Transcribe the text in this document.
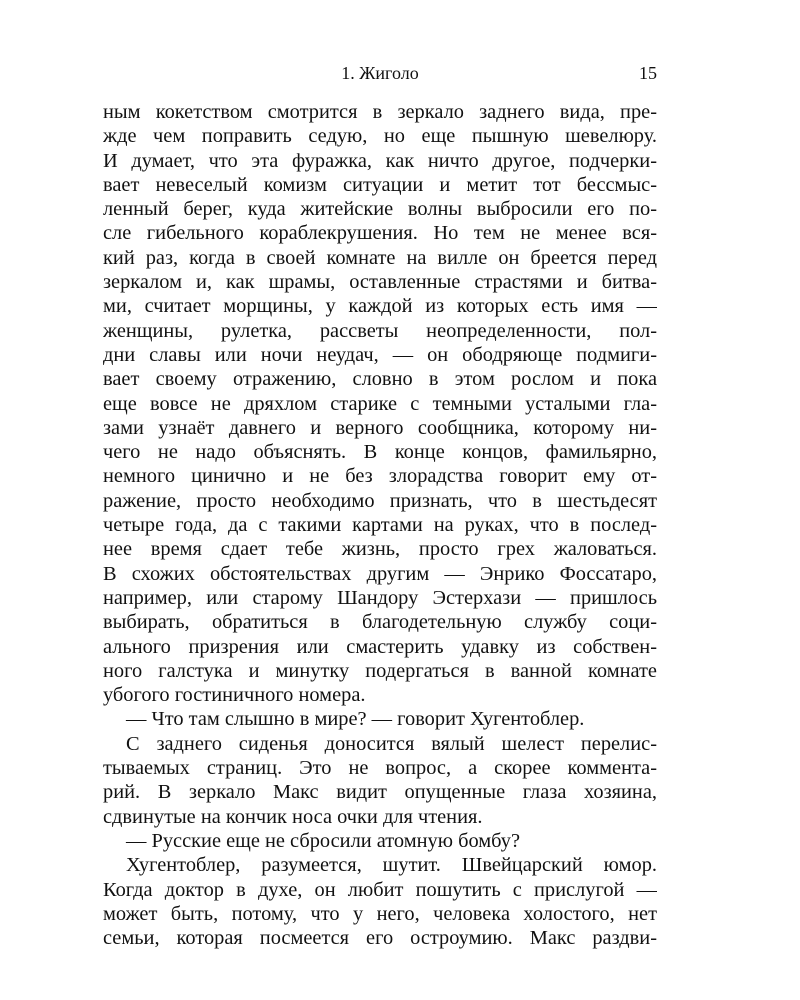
1. Жиголо	15
ным кокетством смотрится в зеркало заднего вида, пре-
жде чем поправить седую, но еще пышную шевелюру.
И думает, что эта фуражка, как ничто другое, подчерки-
вает невеселый комизм ситуации и метит тот бессмыс-
ленный берег, куда житейские волны выбросили его по-
сле гибельного кораблекрушения. Но тем не менее вся-
кий раз, когда в своей комнате на вилле он бреется перед
зеркалом и, как шрамы, оставленные страстями и битва-
ми, считает морщины, у каждой из которых есть имя —
женщины, рулетка, рассветы неопределенности, пол-
дни славы или ночи неудач, — он ободряюще подмиги-
вает своему отражению, словно в этом рослом и пока
еще вовсе не дряхлом старике с темными усталыми гла-
зами узнаёт давнего и верного сообщника, которому ни-
чего не надо объяснять. В конце концов, фамильярно,
немного цинично и не без злорадства говорит ему от-
ражение, просто необходимо признать, что в шестьдесят
четыре года, да с такими картами на руках, что в послед-
нее время сдает тебе жизнь, просто грех жаловаться.
В схожих обстоятельствах другим — Энрико Фоссатаро,
например, или старому Шандору Эстерхази — пришлось
выбирать, обратиться в благодетельную службу соци-
ального призрения или смастерить удавку из собствен-
ного галстука и минутку подергаться в ванной комнате
убогого гостиничного номера.
— Что там слышно в мире? — говорит Хугентоблер.
С заднего сиденья доносится вялый шелест перелис-
тываемых страниц. Это не вопрос, а скорее коммента-
рий. В зеркало Макс видит опущенные глаза хозяина,
сдвинутые на кончик носа очки для чтения.
— Русские еще не сбросили атомную бомбу?
Хугентоблер, разумеется, шутит. Швейцарский юмор.
Когда доктор в духе, он любит пошутить с прислугой —
может быть, потому, что у него, человека холостого, нет
семьи, которая посмеется его остроумию. Макс раздви-
